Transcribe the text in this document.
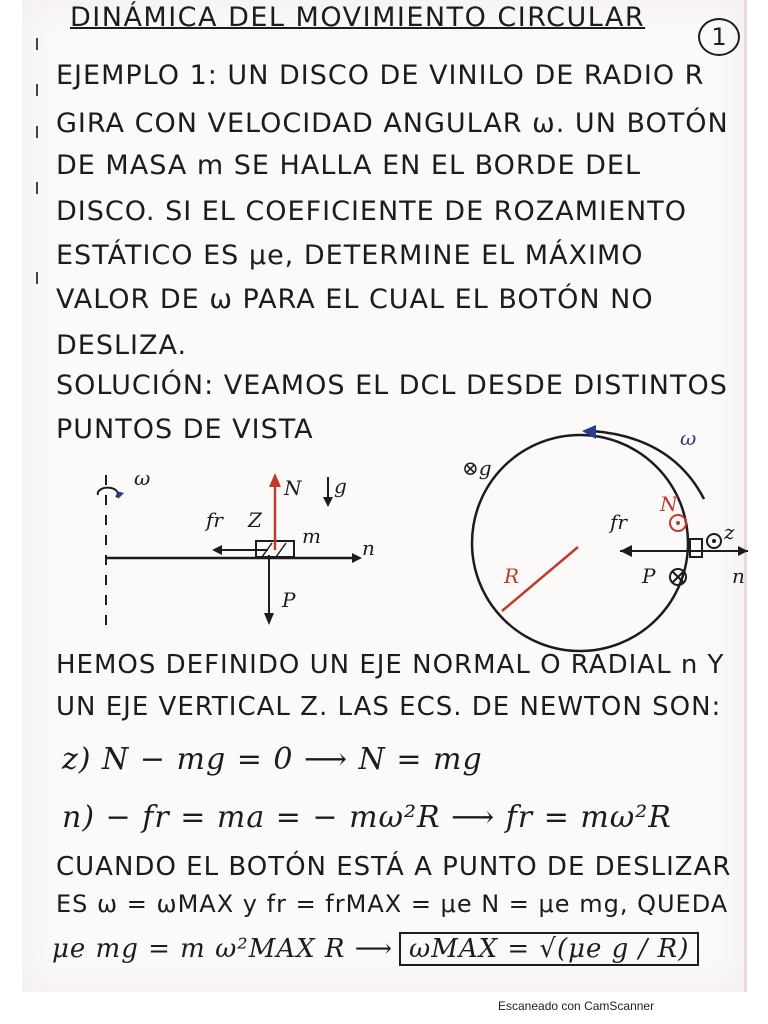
DINÁMICA DEL MOVIMIENTO CIRCULAR
1
EJEMPLO 1: UN DISCO DE VINILO DE RADIO R
GIRA CON VELOCIDAD ANGULAR ω. UN BOTÓN
DE MASA m SE HALLA EN EL BORDE DEL
DISCO. SI EL COEFICIENTE DE ROZAMIENTO
ESTÁTICO ES μe, DETERMINE EL MÁXIMO
VALOR DE ω PARA EL CUAL EL BOTÓN NO
DESLIZA.
SOLUCIÓN: VEAMOS EL DCL DESDE DISTINTOS
PUNTOS DE VISTA
ω
n
m
N g
fr Z
P
R
⊗g
ω
n
fr
N
z
P
HEMOS DEFINIDO UN EJE NORMAL O RADIAL n Y
UN EJE VERTICAL Z. LAS ECS. DE NEWTON SON:
z) N − mg = 0 ⟶ N = mg
n) − fr = ma = − mω²R ⟶ fr = mω²R
CUANDO EL BOTÓN ESTÁ A PUNTO DE DESLIZAR
ES ω = ωMAX y fr = frMAX = μe N = μe mg, QUEDA
μe mg = m ω²MAX R ⟶ ωMAX = √(μe g / R)
Escaneado con CamScanner
